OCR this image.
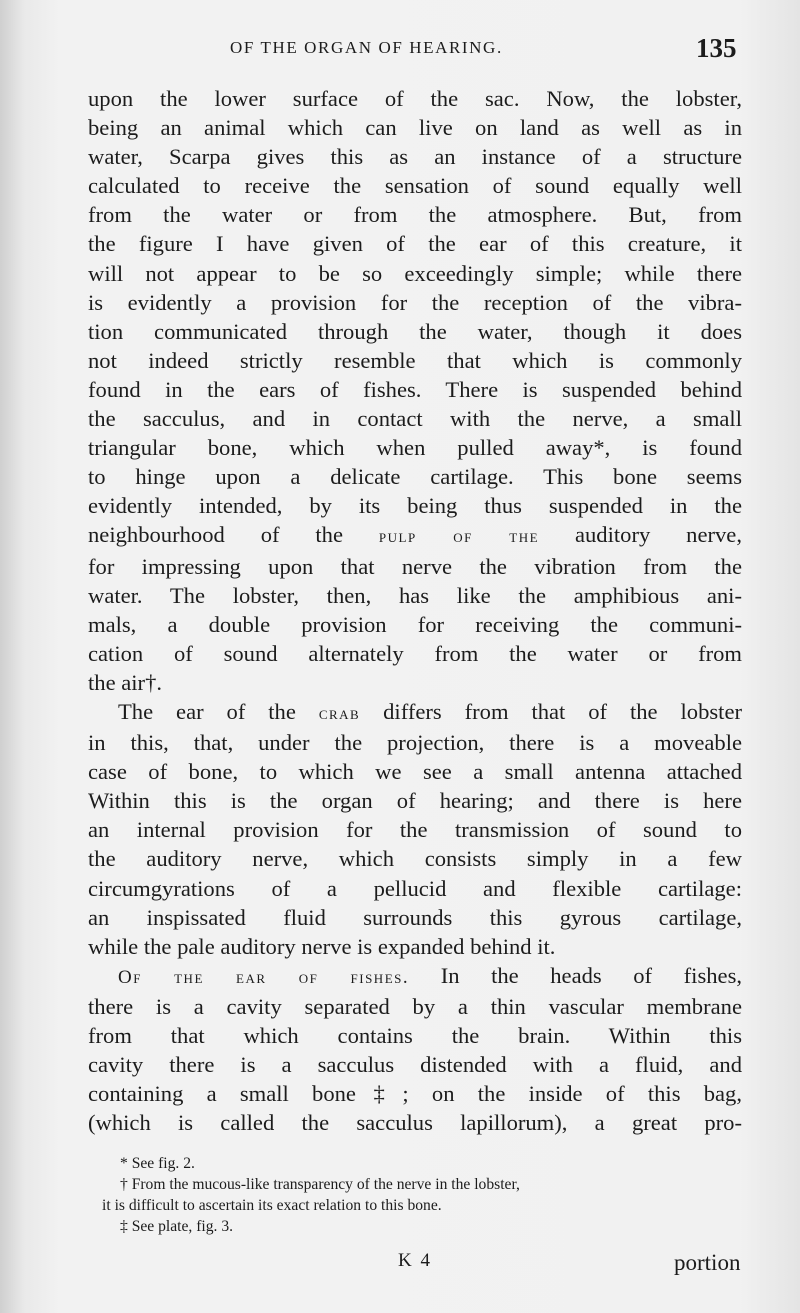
OF THE ORGAN OF HEARING.	135
upon the lower surface of the sac. Now, the lobster,
being an animal which can live on land as well as in
water, Scarpa gives this as an instance of a structure
calculated to receive the sensation of sound equally well
from the water or from the atmosphere. But, from
the figure I have given of the ear of this creature, it
will not appear to be so exceedingly simple; while there
is evidently a provision for the reception of the vibra-
tion communicated through the water, though it does
not indeed strictly resemble that which is commonly
found in the ears of fishes. There is suspended behind
the sacculus, and in contact with the nerve, a small
triangular bone, which when pulled away*, is found
to hinge upon a delicate cartilage. This bone seems
evidently intended, by its being thus suspended in the
neighbourhood of the pulp of the auditory nerve,
for impressing upon that nerve the vibration from the
water. The lobster, then, has like the amphibious ani-
mals, a double provision for receiving the communi-
cation of sound alternately from the water or from
the air†.
The ear of the crab differs from that of the lobster
in this, that, under the projection, there is a moveable
case of bone, to which we see a small antenna attached
Within this is the organ of hearing; and there is here
an internal provision for the transmission of sound to
the auditory nerve, which consists simply in a few
circumgyrations of a pellucid and flexible cartilage:
an inspissated fluid surrounds this gyrous cartilage,
while the pale auditory nerve is expanded behind it.
Of the ear of fishes. In the heads of fishes,
there is a cavity separated by a thin vascular membrane
from that which contains the brain. Within this
cavity there is a sacculus distended with a fluid, and
containing a small bone‡; on the inside of this bag,
(which is called the sacculus lapillorum), a great pro-
* See fig. 2.
† From the mucous-like transparency of the nerve in the lobster,
it is difficult to ascertain its exact relation to this bone.
‡ See plate, fig. 3.
K 4	portion
